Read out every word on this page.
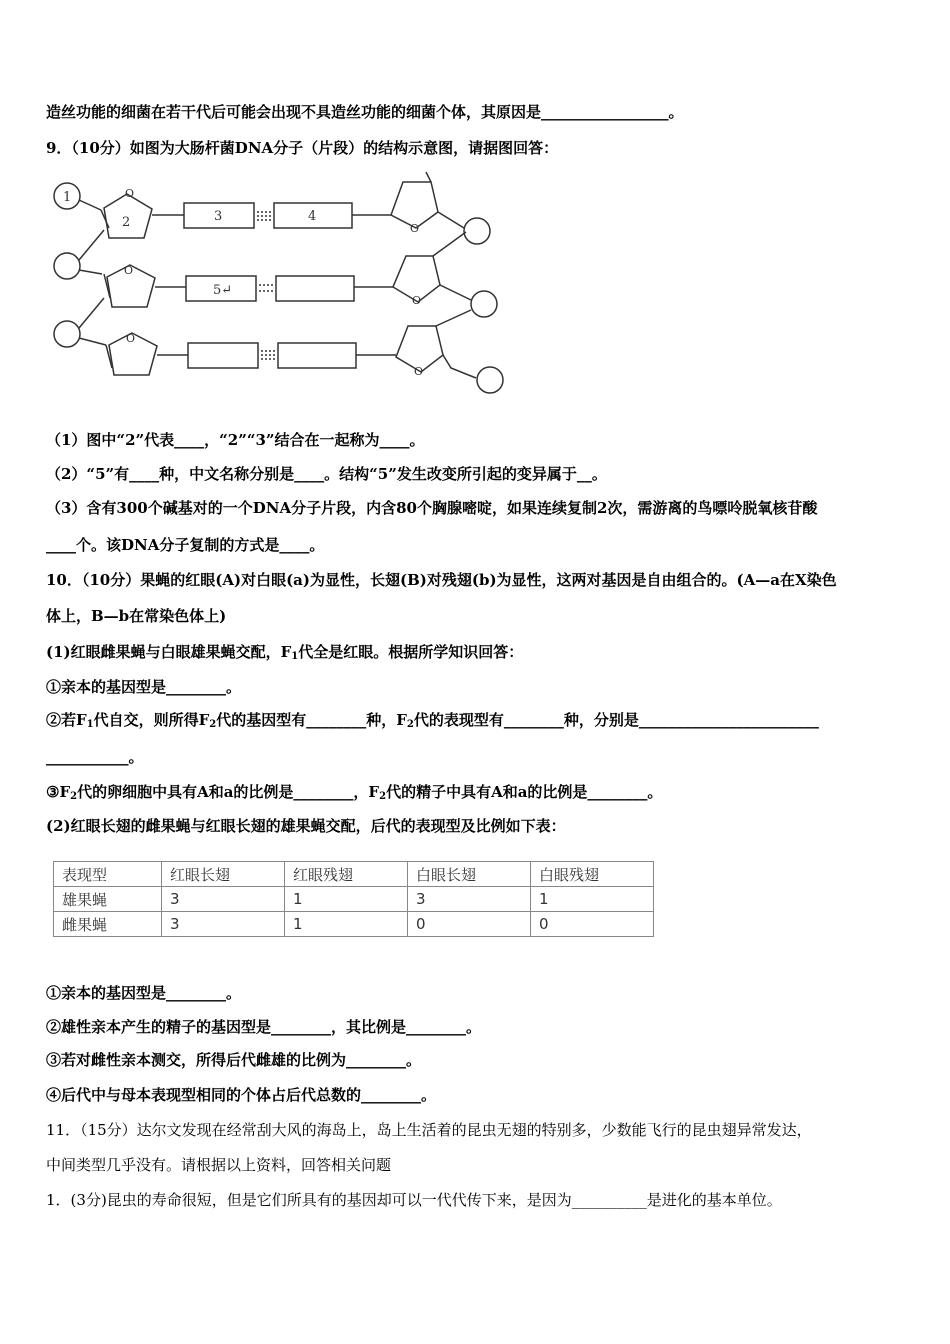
造丝功能的细菌在若干代后可能会出现不具造丝功能的细菌个体，其原因是_________________。
9．（10分）如图为大肠杆菌DNA分子（片段）的结构示意图，请据图回答：
1	O
2
O
O
3	4
5↵
O
O
O
（1）图中“2”代表____，“2”“3”结合在一起称为____。
（2）“5”有____种，中文名称分别是____。结构“5”发生改变所引起的变异属于__。
（3）含有300个碱基对的一个DNA分子片段，内含80个胸腺嘧啶，如果连续复制2次，需游离的鸟嘌呤脱氧核苷酸
____个。该DNA分子复制的方式是____。
10．（10分）果蝇的红眼(A)对白眼(a)为显性，长翅(B)对残翅(b)为显性，这两对基因是自由组合的。(A—a在X染色
体上，B—b在常染色体上)
(1)红眼雌果蝇与白眼雄果蝇交配，$F_1$代全是红眼。根据所学知识回答：
①亲本的基因型是________。
②若$F_1$代自交，则所得$F_2$代的基因型有________种，$F_2$代的表现型有________种，分别是________________________
___________。
$③F_2$代的卵细胞中具有A和a的比例是________，$F_2$代的精子中具有A和a的比例是________。
(2)红眼长翅的雌果蝇与红眼长翅的雄果蝇交配，后代的表现型及比例如下表：
表现型	红眼长翅	红眼残翅	白眼长翅	白眼残翅
雄果蝇	3	1	3	1
雌果蝇	3	1	0	0
①亲本的基因型是________。
②雄性亲本产生的精子的基因型是________，其比例是________。
③若对雌性亲本测交，所得后代雌雄的比例为________。
④后代中与母本表现型相同的个体占后代总数的________。
11．（15分）达尔文发现在经常刮大风的海岛上，岛上生活着的昆虫无翅的特别多，少数能飞行的昆虫翅异常发达，
中间类型几乎没有。请根据以上资料，回答相关问题
1．(3分)昆虫的寿命很短，但是它们所具有的基因却可以一代代传下来，是因为__________是进化的基本单位。
